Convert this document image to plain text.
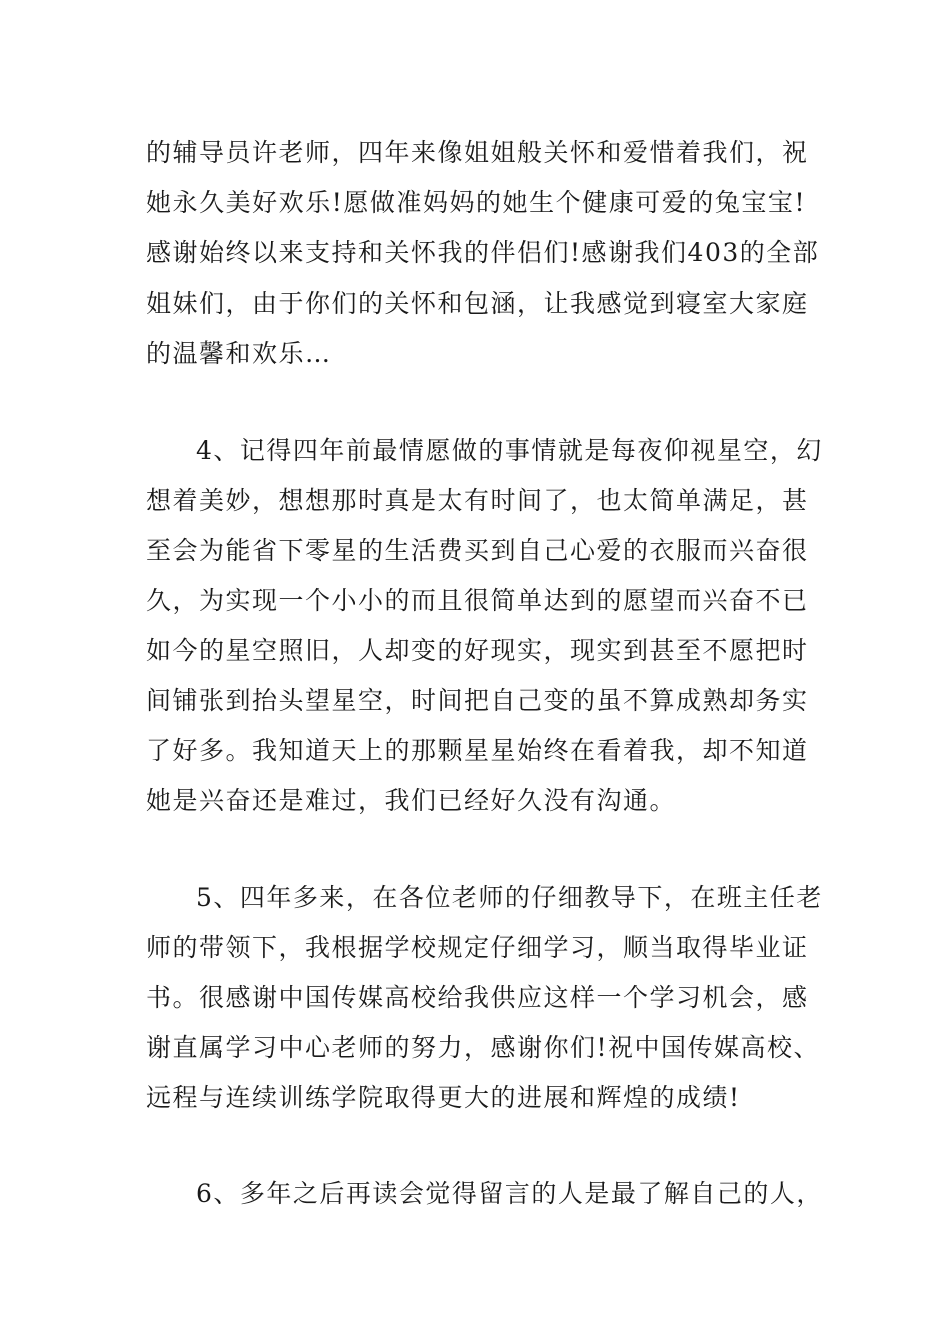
的辅导员许老师，四年来像姐姐般关怀和爱惜着我们，祝
她永久美好欢乐!愿做准妈妈的她生个健康可爱的兔宝宝!
感谢始终以来支持和关怀我的伴侣们!感谢我们403的全部
姐妹们，由于你们的关怀和包涵，让我感觉到寝室大家庭
的温馨和欢乐…
4、记得四年前最情愿做的事情就是每夜仰视星空，幻
想着美妙，想想那时真是太有时间了，也太简单满足，甚
至会为能省下零星的生活费买到自己心爱的衣服而兴奋很
久，为实现一个小小的而且很简单达到的愿望而兴奋不已
如今的星空照旧，人却变的好现实，现实到甚至不愿把时
间铺张到抬头望星空，时间把自己变的虽不算成熟却务实
了好多。我知道天上的那颗星星始终在看着我，却不知道
她是兴奋还是难过，我们已经好久没有沟通。
5、四年多来，在各位老师的仔细教导下，在班主任老
师的带领下，我根据学校规定仔细学习，顺当取得毕业证
书。很感谢中国传媒高校给我供应这样一个学习机会，感
谢直属学习中心老师的努力，感谢你们!祝中国传媒高校、
远程与连续训练学院取得更大的进展和辉煌的成绩!
6、多年之后再读会觉得留言的人是最了解自己的人，
